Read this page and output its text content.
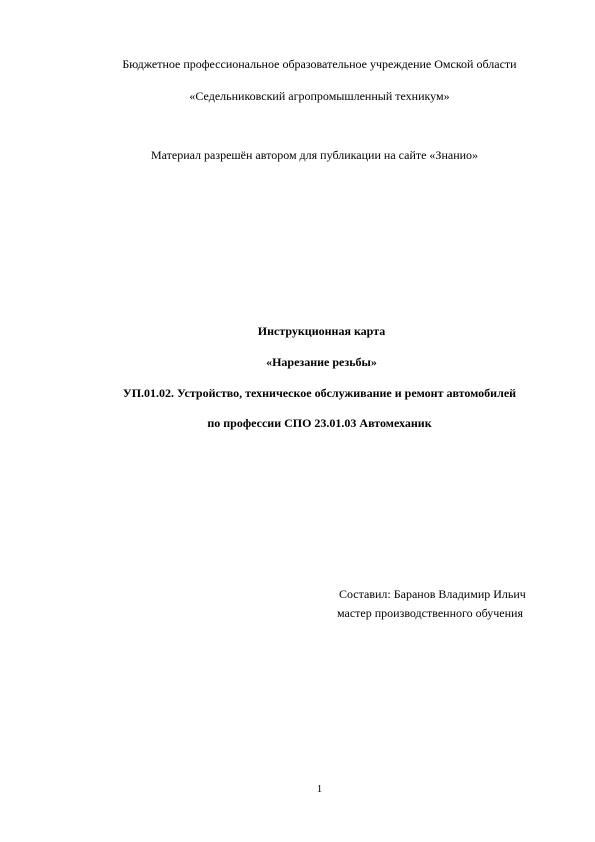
Бюджетное профессиональное образовательное учреждение Омской области
«Седельниковский агропромышленный техникум»
Материал разрешён автором для публикации на сайте «Знанио»
Инструкционная карта
«Нарезание резьбы»
УП.01.02. Устройство, техническое обслуживание и ремонт автомобилей
по профессии СПО 23.01.03 Автомеханик
Составил: Баранов Владимир Ильич
мастер производственного обучения
1
